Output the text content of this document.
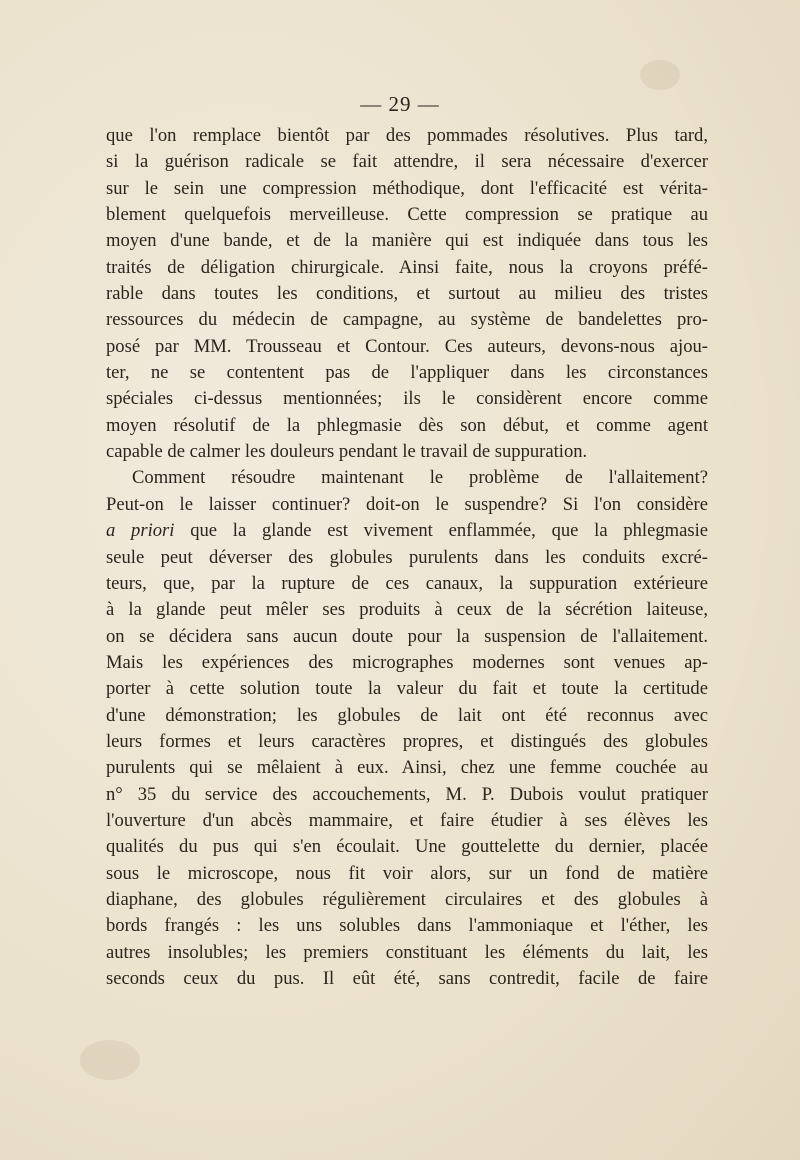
— 29 —
que l'on remplace bientôt par des pommades résolutives. Plus tard,
si la guérison radicale se fait attendre, il sera nécessaire d'exercer
sur le sein une compression méthodique, dont l'efficacité est vérita-
blement quelquefois merveilleuse. Cette compression se pratique au
moyen d'une bande, et de la manière qui est indiquée dans tous les
traités de déligation chirurgicale. Ainsi faite, nous la croyons préfé-
rable dans toutes les conditions, et surtout au milieu des tristes
ressources du médecin de campagne, au système de bandelettes pro-
posé par MM. Trousseau et Contour. Ces auteurs, devons-nous ajou-
ter, ne se contentent pas de l'appliquer dans les circonstances
spéciales ci-dessus mentionnées; ils le considèrent encore comme
moyen résolutif de la phlegmasie dès son début, et comme agent
capable de calmer les douleurs pendant le travail de suppuration.
Comment résoudre maintenant le problème de l'allaitement?
Peut-on le laisser continuer? doit-on le suspendre? Si l'on considère
a priori que la glande est vivement enflammée, que la phlegmasie
seule peut déverser des globules purulents dans les conduits excré-
teurs, que, par la rupture de ces canaux, la suppuration extérieure
à la glande peut mêler ses produits à ceux de la sécrétion laiteuse,
on se décidera sans aucun doute pour la suspension de l'allaitement.
Mais les expériences des micrographes modernes sont venues ap-
porter à cette solution toute la valeur du fait et toute la certitude
d'une démonstration; les globules de lait ont été reconnus avec
leurs formes et leurs caractères propres, et distingués des globules
purulents qui se mêlaient à eux. Ainsi, chez une femme couchée au
n° 35 du service des accouchements, M. P. Dubois voulut pratiquer
l'ouverture d'un abcès mammaire, et faire étudier à ses élèves les
qualités du pus qui s'en écoulait. Une gouttelette du dernier, placée
sous le microscope, nous fit voir alors, sur un fond de matière
diaphane, des globules régulièrement circulaires et des globules à
bords frangés : les uns solubles dans l'ammoniaque et l'éther, les
autres insolubles; les premiers constituant les éléments du lait, les
seconds ceux du pus. Il eût été, sans contredit, facile de faire
